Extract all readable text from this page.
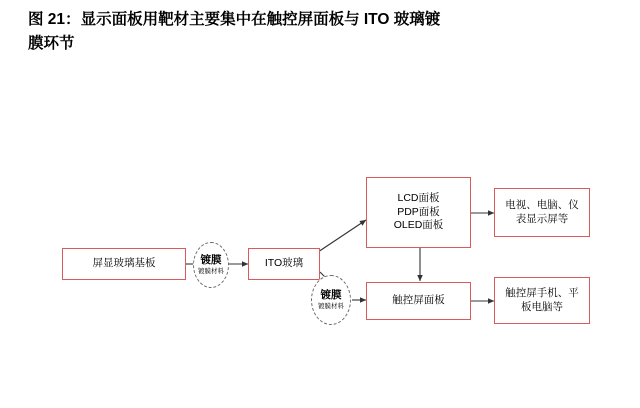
图 21：显示面板用靶材主要集中在触控屏面板与 ITO 玻璃镀
膜环节
屏显玻璃基板	镀膜
镀膜材料
ITO玻璃
镀膜
镀膜材料
LCD面板
PDP面板
OLED面板
触控屏面板
电视、电脑、仪
表显示屏等
触控屏手机、平
板电脑等
